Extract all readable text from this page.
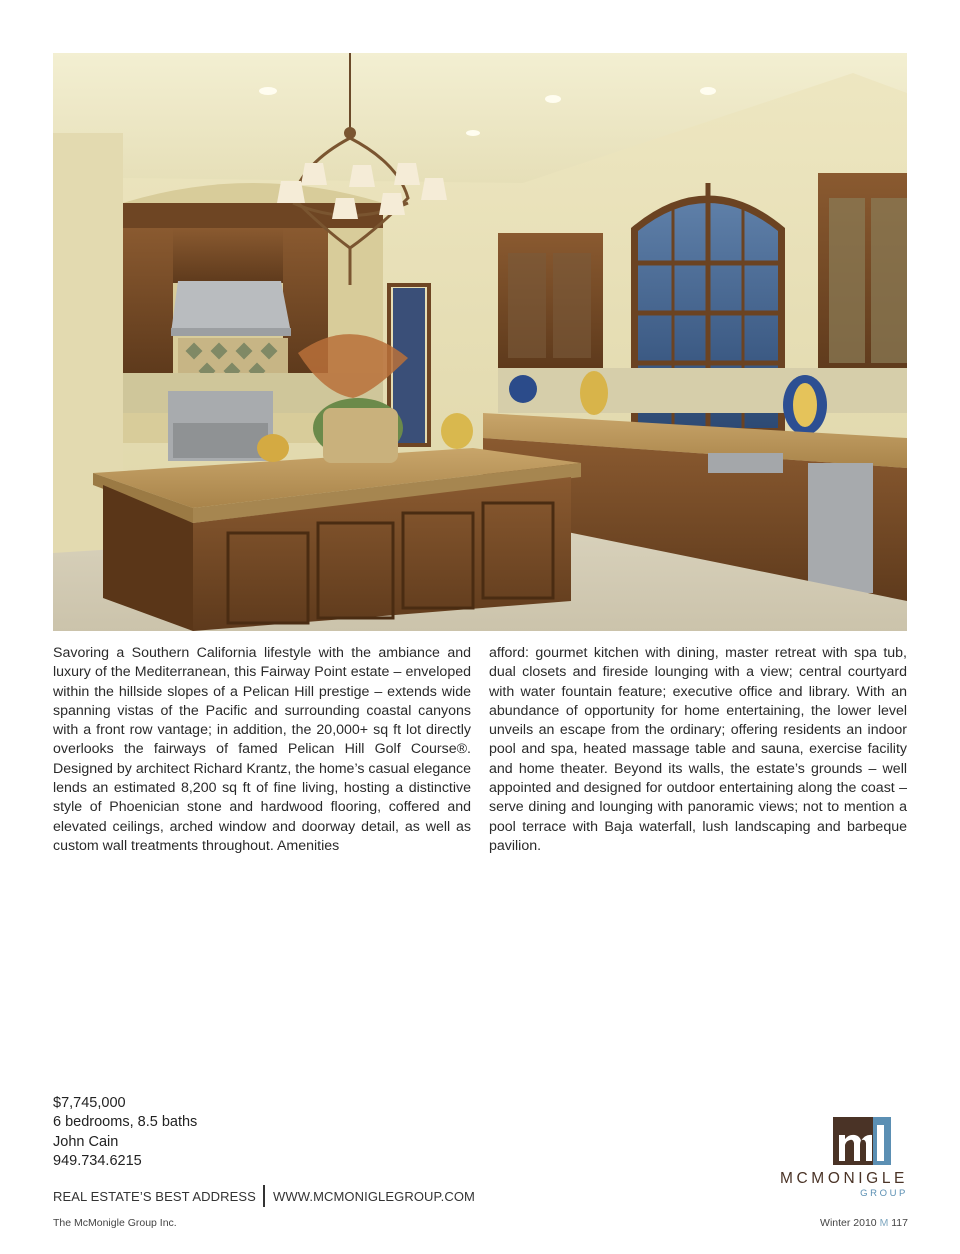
Savoring a Southern California lifestyle with the ambiance and luxury of the Mediterranean, this Fairway Point estate – enveloped within the hillside slopes of a Pelican Hill prestige – extends wide spanning vistas of the Pacific and surrounding coastal canyons with a front row vantage; in addition, the 20,000+ sq ft lot directly overlooks the fairways of famed Pelican Hill Golf Course®. Designed by architect Richard Krantz, the home’s casual elegance lends an estimated 8,200 sq ft of fine living, hosting a distinctive style of Phoenician stone and hardwood flooring, coffered and elevated ceilings, arched window and doorway detail, as well as custom wall treatments throughout. Amenities
afford: gourmet kitchen with dining, master retreat with spa tub, dual closets and fireside lounging with a view; central courtyard with water fountain feature; executive office and library. With an abundance of opportunity for home entertaining, the lower level unveils an escape from the ordinary; offering residents an indoor pool and spa, heated massage table and sauna, exercise facility and home theater. Beyond its walls, the estate’s grounds – well appointed and designed for outdoor entertaining along the coast – serve dining and lounging with panoramic views; not to mention a pool terrace with Baja waterfall, lush landscaping and barbeque pavilion.
$7,745,000
6 bedrooms, 8.5 baths
John Cain
949.734.6215
REAL ESTATE’S BEST ADDRESS WWW.MCMONIGLEGROUP.COM
MCMONIGLE
GROUP
The McMonigle Group Inc.	Winter 2010 M 117
